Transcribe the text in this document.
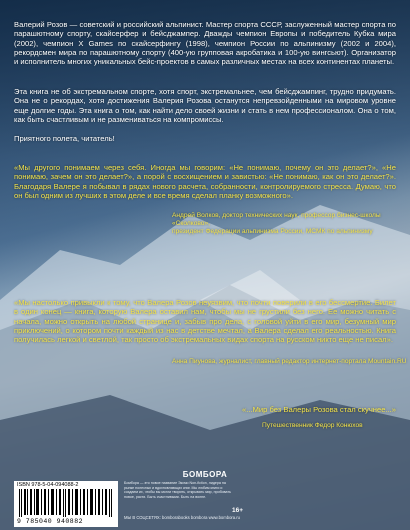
Валерий Розов — советский и российский альпинист. Мастер спорта СССР, заслуженный мастер спорта по парашютному спорту, скайсерфер и бейсджампер. Дважды чемпион Европы и победитель Кубка мира (2002), чемпион X Games по скайсерфингу (1998), чемпион России по альпинизму (2002 и 2004), рекордсмен мира по парашютному спорту (400-ую групповая акробатика и 100-ую вингсьют). Организатор и исполнитель многих уникальных бейс-проектов в самых различных местах на всех континентах планеты.

Эта книга не об экстремальном спорте, хотя спорт, экстремальнее, чем бейсджампинг, трудно придумать. Она не о рекордах, хотя достижения Валерия Розова останутся непревзойденными на мировом уровне еще долгие годы. Эта книга о том, как найти дело своей жизни и стать в нем профессионалом. Она о том, как быть счастливым и не размениваться на компромиссы.

Приятного полета, читатель!

«Мы другого понимаем через себя. Иногда мы говорим: «Не понимаю, почему он это делает?», «Не понимаю, зачем он это делает?», а порой с восхищением и завистью: «Не понимаю, как он это делает?». Благодаря Валере я побывал в рядах нового расчета, собранности, контролируемого стресса. Думаю, что он был одним из лучших в этом деле и все время сделал планку возможного».

Андрей Волков, доктор технических наук, профессор бизнес-школы «Сколково»,
президент Федерации альпинизма России, МСМК по альпинизму

«Мы настолько привыкли к тому, что Валера Розов неуязвим, что почти поверили в его бессмертие. Билет в один конец — книга, которую Валера оставил нам, чтобы мы не грустили без него. Ее можно читать с начала, можно открыть на любой странице и, забыв про дела, с головой уйти в его мир, безумный мир приключений, о котором почти каждый из нас в детстве мечтал, а Валера сделал его реальностью. Книга получилась легкой и светлой, так просто об экстремальных видах спорта на русском никто еще не писал».

Анна Пиунова, журналист, главный редактор интернет-портала Mountain.RU

«...Мир без Валеры Розова стал скучнее...»

Путешественник Федор Конюхов
БОМБОРА
ISBN 978-5-04-094088-2
9 785040 940882
Бомбора — это новое название Эксмо Non-fiction, лидера на рынке полезных и вдохновляющих книг. Мы любим книги и создаем их, чтобы вы могли творить, открывать мир, пробовать новое, расти. Быть счастливыми. Быть на волне.
МЫ В СОЦСЕТЯХ: bomborabooks bombora www.bombora.ru
16+
